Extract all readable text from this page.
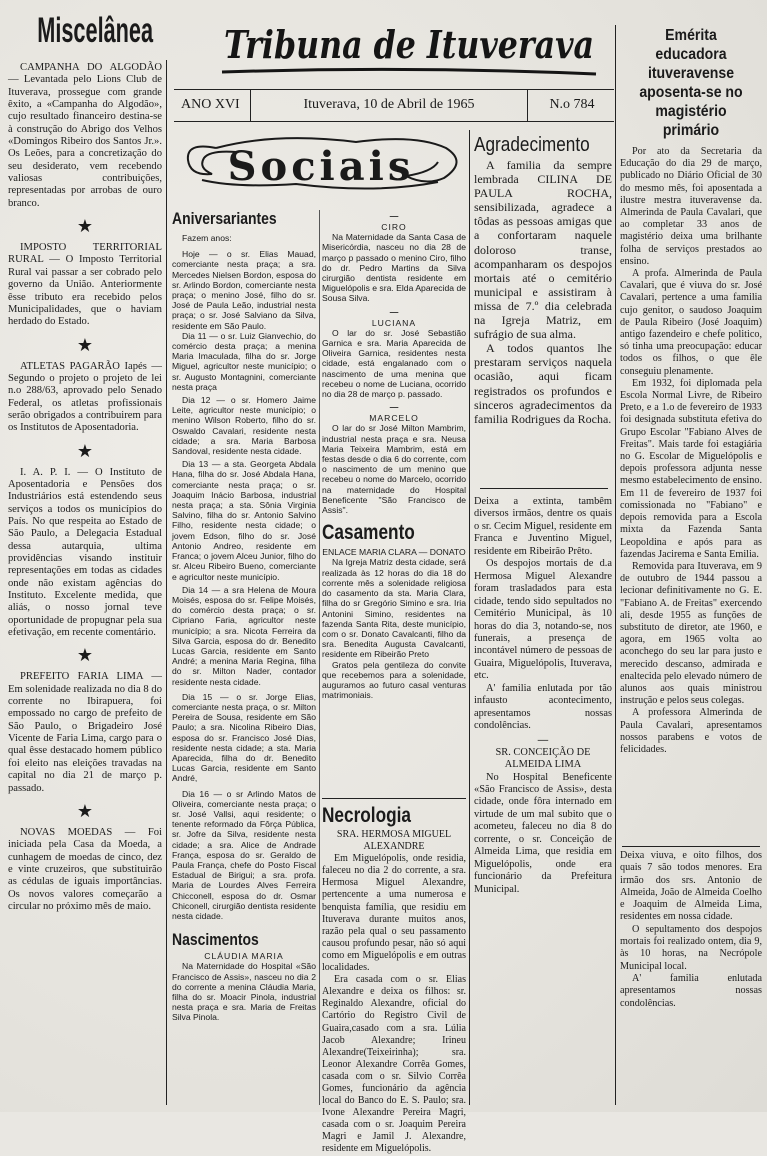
Tribuna de Ituverava
ANO XVI	Ituverava, 10 de Abril de 1965	N.o 784
Miscelânea

CAMPANHA DO ALGODÃO — Levantada pelo Lions Club de Ituverava, prossegue com grande êxito, a «Campanha do Algodão», cujo resultado financeiro destina-se à construção do Abrigo dos Velhos «Domingos Ribeiro dos Santos Jr.». Os Leões, para a concretização do seu desiderato, vem recebendo valiosas contribuições, representadas por arrobas de ouro branco.

★

IMPOSTO TERRITORIAL RURAL — O Imposto Territorial Rural vai passar a ser cobrado pelo governo da União. Anteriormente êsse tributo era recebido pelos Municipalidades, que o haviam herdado do Estado.

★

ATLETAS PAGARÃO Iapés — Segundo o projeto o projeto de lei n.o 288/63, aprovado pelo Senado Federal, os atletas profissionais serão obrigados a contribuirem para os Institutos de Aposentadoria.

★

I. A. P. I. — O Instituto de Aposentadoria e Pensões dos Industriários está estendendo seus serviços a todos os municípios do País. No que respeita ao Estado de São Paulo, a Delegacia Estadual dessa autarquia, ultima providências visando instituir representações em todas as cidades onde não existam agências do Instituto. Excelente medida, que aliás, o nosso jornal teve oportunidade de propugnar pela sua efetivação, em recente comentário.

★

PREFEITO FARIA LIMA — Em solenidade realizada no dia 8 do corrente no Ibirapuera, foi empossado no cargo de prefeito de São Paulo, o Brigadeiro José Vicente de Faria Lima, cargo para o qual êsse destacado homem público foi eleito nas eleições travadas na capital no dia 21 de março p. passado.

★

NOVAS MOEDAS — Foi iniciada pela Casa da Moeda, a cunhagem de moedas de cinco, dez e vinte cruzeiros, que substituirão as cédulas de iguais importâncias. Os novos valores começarão a circular no próximo mês de maio.

Sociais
Aniversariantes

Fazem anos:

Hoje — o sr. Elias Mauad, comerciante nesta praça; a sra. Mercedes Nielsen Bordon, esposa do sr. Arlindo Bordon, comerciante nesta praça; o menino José, filho do sr. José de Paula Leão, industrial nesta praça; o sr. José Salviano da Silva, residente em São Paulo.

Dia 11 — o sr. Luiz Gianvechio, do comércio desta praça; a menina Maria Imaculada, filha do sr. Jorge Miguel, agricultor neste município; o sr. Augusto Montagnini, comerciante nesta praça

Dia 12 — o sr. Homero Jaime Leite, agricultor neste município; o menino Wilson Roberto, filho do sr. Oswaldo Cavalari, residente nesta cidade; a sra. Maria Barbosa Sandoval, residente nesta cidade.

Dia 13 — a sta. Georgeta Abdala Hana, filha do sr. José Abdala Hana, comerciante nesta praça; o sr. Joaquim Inácio Barbosa, industrial nesta praça; a sta. Sônia Virginia Salvino, filha do sr. Antonio Salvino Filho, residente nesta cidade; o jovem Edson, filho do sr. José Antonio Andreo, residente em Franca; o jovem Alceu Junior, filho do sr. Alceu Ribeiro Bueno, comerciante e agricultor neste município.

Dia 14 — a sra Helena de Moura Moisés, esposa do sr. Felipe Moisés, do comércio desta praça; o sr. Cipriano Faria, agricultor neste município; a sra. Nicota Ferreira da Silva Garcia, esposa do dr. Benedito Lucas Garcia, residente em Santo André; a menina Maria Regina, filha do sr. Milton Nader, contador residente nesta cidade.

Dia 15 — o sr. Jorge Elias, comerciante nesta praça, o sr. Milton Pereira de Sousa, residente em São Paulo; a sra. Nicolina Ribeiro Dias, esposa do sr. Francisco José Dias, residente nesta cidade; a sta. Maria Aparecida, filha do dr. Benedito Lucas Garcia, residente em Santo André,

Dia 16 — o sr Arlindo Matos de Oliveira, comerciante nesta praça; o sr. José Vallsi, aqui residente; o tenente reformado da Fôrça Pública, sr. Jofre da Silva, residente nesta cidade; a sra. Alice de Andrade França, esposa do sr. Geraldo de Paula França, chefe do Posto Fiscal Estadual de Birigui; a sra. profa. Maria de Lourdes Alves Ferreira Chicconell, esposa do dr. Osmar Chiconell, cirurgião dentista residente nesta cidade.

Nascimentos

CLÁUDIA MARIA

Na Maternidade do Hospital «São Francisco de Assis», nasceu no dia 2 do corrente a menina Cláudia Maria, filha do sr. Moacir Pinola, industrial nesta praça e sra. Maria de Freitas Silva Pinola.

—

CIRO

Na Maternidade da Santa Casa de Misericórdia, nasceu no dia 28 de março p passado o menino Ciro, filho do dr. Pedro Martins da Silva cirurgião dentista residente em Miguelópolis e sra. Elda Aparecida de Sousa Silva.

—

LUCIANA

O lar do sr. José Sebastião Garnica e sra. Maria Aparecida de Oliveira Garnica, residentes nesta cidade, está engalanado com o nascimento de uma menina que recebeu o nome de Luciana, ocorrido no dia 28 de março p. passado.

—

MARCELO

O lar do sr José Milton Mambrim, industrial nesta praça e sra. Neusa Maria Teixeira Mambrim, está em festas desde o dia 6 do corrente, com o nascimento de um menino que recebeu o nome do Marcelo, ocorrido na maternidade do Hospital Beneficente "São Francisco de Assis".

Casamento

ENLACE MARIA CLARA — DONATO

Na Igreja Matriz desta cidade, será realizada às 12 horas do dia 18 do corrente mês a solenidade religiosa do casamento da sta. Maria Clara, filha do sr Gregório Simino e sra. Iria Antonini Simino, residentes na fazenda Santa Rita, deste município, com o sr. Donato Cavalcanti, filho da sra. Benedita Augusta Cavalcanti, residente em Ribeirão Preto

Gratos pela gentileza do convite que recebemos para a solenidade, auguramos ao futuro casal venturas matrimoniais.

Necrologia

SRA. HERMOSA MIGUEL ALEXANDRE

Em Miguelópolis, onde residia, faleceu no dia 2 do corrente, a sra. Hermosa Miguel Alexandre, pertencente a uma numerosa e benquista família, que residiu em Ituverava durante muitos anos, razão pela qual o seu passamento causou profundo pesar, não só aqui como em Miguelópolis e em outras localidades.

Era casada com o sr. Elias Alexandre e deixa os filhos: sr. Reginaldo Alexandre, oficial do Cartório do Registro Civil de Guaira,casado com a sra. Lúlia Jacob Alexandre; Irineu Alexandre(Teixeirinha); sra. Leonor Alexandre Corrêa Gomes, casada com o sr. Silvio Corrêa Gomes, funcionário da agência local do Banco do E. S. Paulo; sra. Ivone Alexandre Pereira Magri, casada com o sr. Joaquim Pereira Magri e Jamil J. Alexandre, residente em Miguelópolis.

Agradecimento

A familia da sempre lembrada CILINA DE PAULA ROCHA, sensibilizada, agradece a tôdas as pessoas amigas que a confortaram naquele doloroso transe, acompanharam os despojos mortais até o cemitério municipal e assistiram à missa de 7.º dia celebrada na Igreja Matriz, em sufrágio de sua alma.

A todos quantos lhe prestaram serviços naquela ocasião, aqui ficam registrados os profundos e sinceros agradecimentos da familia Rodrigues da Rocha.

Deixa a extinta, tambêm diversos irmãos, dentre os quais o sr. Cecim Miguel, residente em Franca e Juventino Miguel, residente em Ribeirão Prêto.

Os despojos mortais de d.a Hermosa Miguel Alexandre foram trasladados para esta cidade, tendo sido sepultados no Cemitério Municipal, às 10 horas do dia 3, notando-se, nos funerais, a presença de incontável número de pessoas de Guaira, Miguelópolis, Ituverava, etc.

A' familia enlutada por tão infausto acontecimento, apresentamos nossas condolências.

—

SR. CONCEIÇÃO DE ALMEIDA LIMA

No Hospital Beneficente «São Francisco de Assis», desta cidade, onde fôra internado em virtude de um mal subito que o acometeu, faleceu no dia 8 do corrente, o sr. Conceição de Almeida Lima, que residia em Miguelópolis, onde era funcionário da Prefeitura Municipal.

Emérita educadora ituveravense aposenta-se no magistério primário

Por ato da Secretaria da Educação do dia 29 de março, publicado no Diário Oficial de 30 do mesmo mês, foi aposentada a ilustre mestra ituveravense da. Almerinda de Paula Cavalari, que ao completar 33 anos de magistério deixa uma brilhante folha de serviços prestados ao ensino.

A profa. Almerinda de Paula Cavalari, que é viuva do sr. José Cavalari, pertence a uma familia cujo genitor, o saudoso Joaquim de Paula Ribeiro (José Joaquim) antigo fazendeiro e chefe politico, só tinha uma preocupação: educar todos os filhos, o que êle conseguiu plenamente.

Em 1932, foi diplomada pela Escola Normal Livre, de Ribeiro Preto, e a 1.o de fevereiro de 1933 foi designada substituta efetiva do Grupo Escolar "Fabiano Alves de Freitas". Mais tarde foi estagiária no G. Escolar de Miguelópolis e depois professora adjunta nesse mesmo estabelecimento de ensino. Em 11 de fevereiro de 1937 foi comissionada no "Fabiano" e depois removida para a Escola mixta da Fazenda Santa Leopoldina e após para as fazendas Jacirema e Santa Emilia.

Removida para Ituverava, em 9 de outubro de 1944 passou a lecionar definitivamente no G. E. "Fabiano A. de Freitas" exercendo ali, desde 1955 as funções de substituto de diretor, ate 1960, e agora, em 1965 volta ao aconchego do seu lar para justo e merecido descanso, admirada e enaltecida pelo elevado número de alunos aos quais ministrou instrução e pelos seus colegas.

A professora Almerinda de Paula Cavalari, apresentamos nossos parabens e votos de felicidades.

Deixa viuva, e oito filhos, dos quais 7 são todos menores. Era irmão dos srs. Antonio de Almeida, João de Almeida Coelho e Joaquim de Almeida Lima, residentes em nossa cidade.

O sepultamento dos despojos mortais foi realizado ontem, dia 9, às 10 horas, na Necrópole Municipal local.

A' familia enlutada apresentamos nossas condolências.
